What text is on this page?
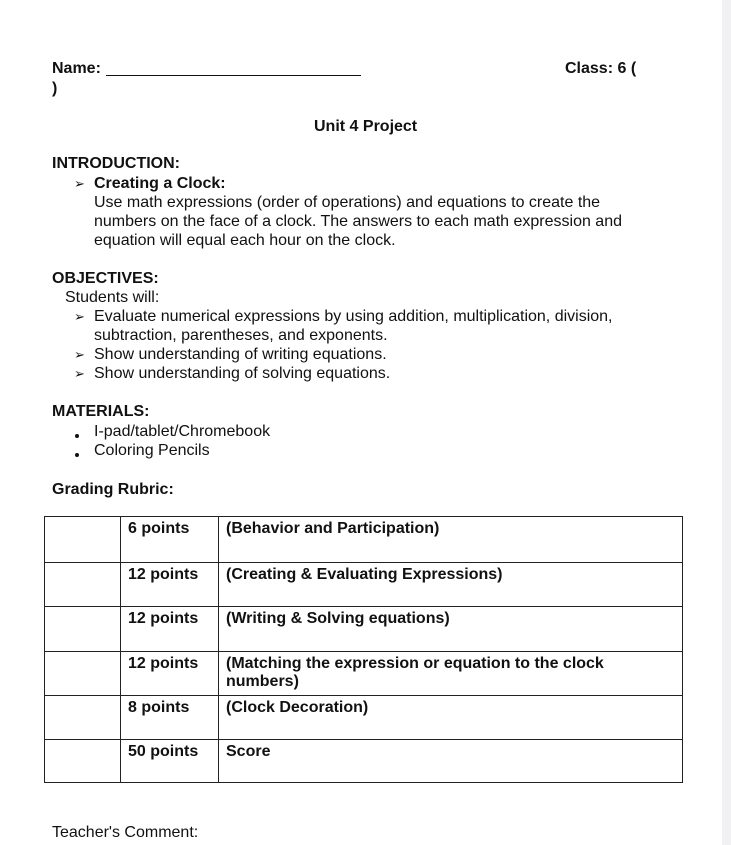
Name:	Class: 6 (
)
Unit 4 Project
INTRODUCTION:
➢ Creating a Clock:
Use math expressions (order of operations) and equations to create the
numbers on the face of a clock. The answers to each math expression and
equation will equal each hour on the clock.
OBJECTIVES:
Students will:
➢ Evaluate numerical expressions by using addition, multiplication, division,
subtraction, parentheses, and exponents.
➢ Show understanding of writing equations.
➢ Show understanding of solving equations.
MATERIALS:
I-pad/tablet/Chromebook
Coloring Pencils
Grading Rubric:
	6 points	(Behavior and Participation)
	12 points	(Creating & Evaluating Expressions)
	12 points	(Writing & Solving equations)
	12 points	(Matching the expression or equation to the clock numbers)
	8 points	(Clock Decoration)
	50 points	Score
Teacher's Comment:
